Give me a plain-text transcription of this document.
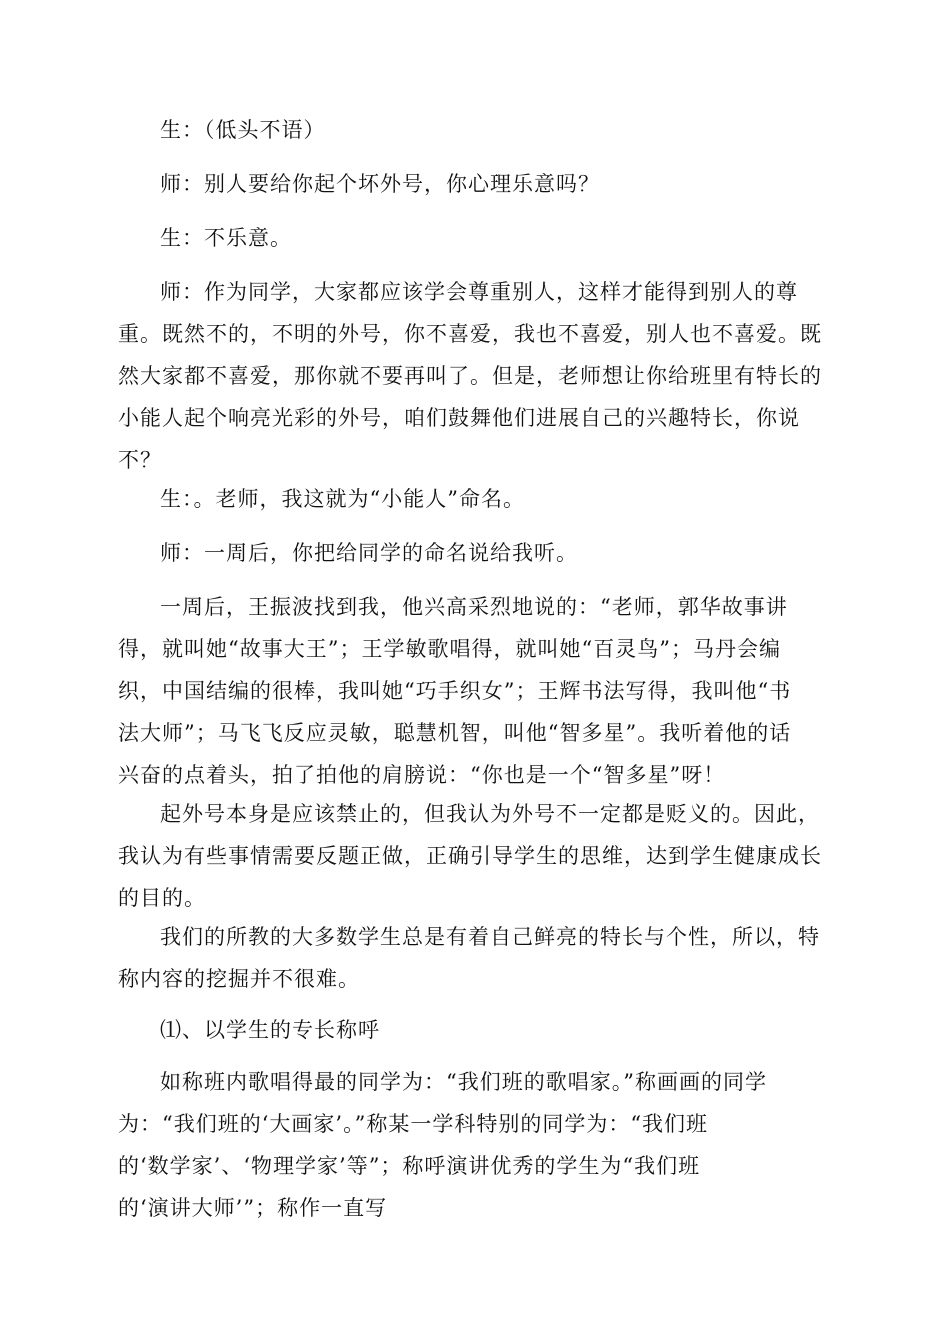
生：（低头不语）
师：别人要给你起个坏外号，你心理乐意吗？
生：不乐意。
师：作为同学，大家都应该学会尊重别人，这样才能得到别人的尊
重。既然不的，不明的外号，你不喜爱，我也不喜爱，别人也不喜爱。既
然大家都不喜爱，那你就不要再叫了。但是，老师想让你给班里有特长的
小能人起个响亮光彩的外号，咱们鼓舞他们进展自己的兴趣特长，你说
不？
生：。老师，我这就为“小能人”命名。
师：一周后，你把给同学的命名说给我听。
一周后，王振波找到我，他兴高采烈地说的：“老师，郭华故事讲
得，就叫她“故事大王”；王学敏歌唱得，就叫她“百灵鸟”；马丹会编
织，中国结编的很棒，我叫她“巧手织女”；王辉书法写得，我叫他“书
法大师”；马飞飞反应灵敏，聪慧机智，叫他“智多星”。我听着他的话
兴奋的点着头，拍了拍他的肩膀说：“你也是一个“智多星”呀！
起外号本身是应该禁止的，但我认为外号不一定都是贬义的。因此，
我认为有些事情需要反题正做，正确引导学生的思维，达到学生健康成长
的目的。
我们的所教的大多数学生总是有着自己鲜亮的特长与个性，所以，特
称内容的挖掘并不很难。
⑴、以学生的专长称呼
如称班内歌唱得最的同学为：“我们班的歌唱家。”称画画的同学
为：“我们班的‘大画家’。”称某一学科特别的同学为：“我们班
的‘数学家’、‘物理学家’等”；称呼演讲优秀的学生为“我们班
的‘演讲大师’”；称作一直写
